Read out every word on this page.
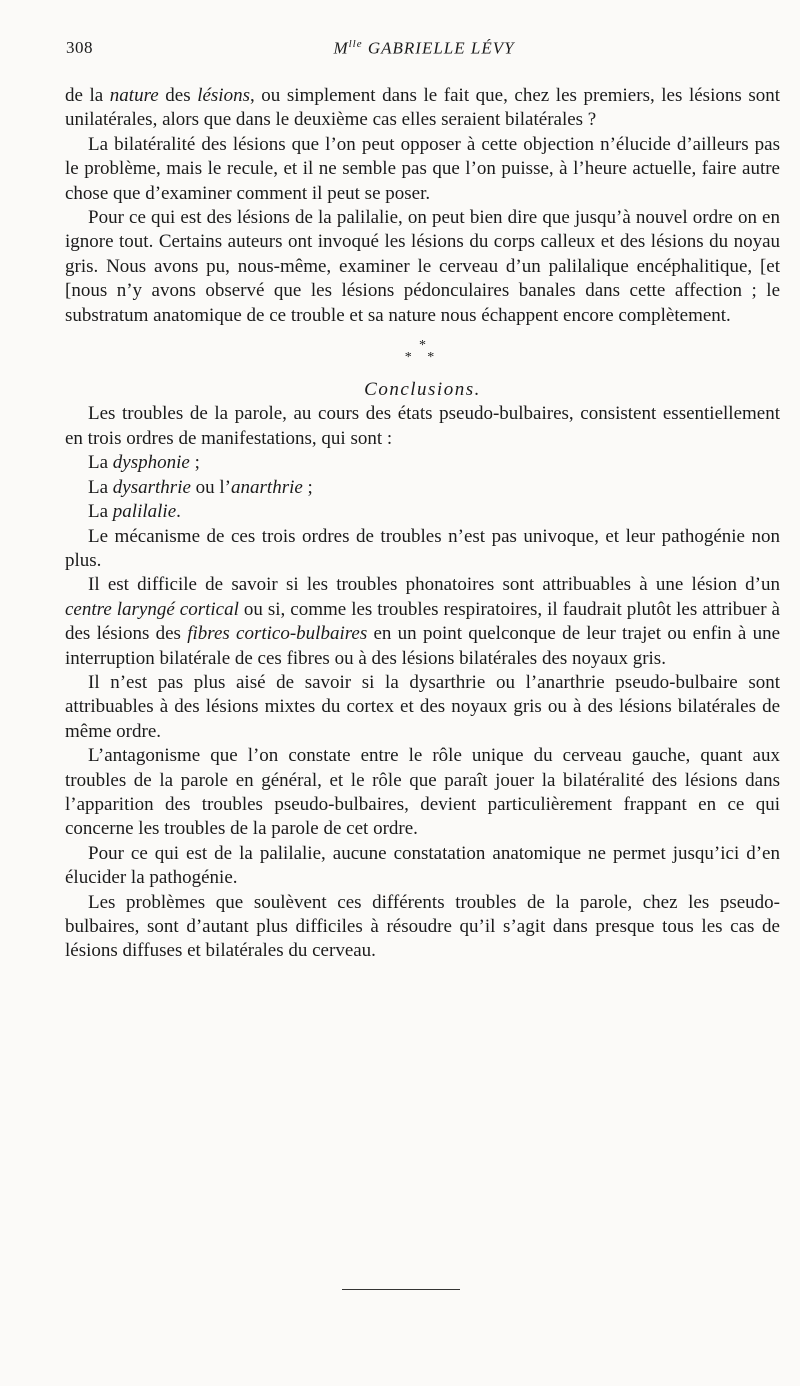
308	$M^{lle}$ GABRIELLE LÉVY

de la nature des lésions, ou simplement dans le fait que, chez les premiers, les lésions sont unilatérales, alors que dans le deuxième cas elles seraient bilatérales ?

La bilatéralité des lésions que l’on peut opposer à cette objection n’élucide d’ailleurs pas le problème, mais le recule, et il ne semble pas que l’on puisse, à l’heure actuelle, faire autre chose que d’examiner comment il peut se poser.

Pour ce qui est des lésions de la palilalie, on peut bien dire que jusqu’à nouvel ordre on en ignore tout. Certains auteurs ont invoqué les lésions du corps calleux et des lésions du noyau gris. Nous avons pu, nous-même, examiner le cerveau d’un palilalique encéphalitique, [et [nous n’y avons observé que les lésions pédonculaires banales dans cette affection ; le substratum anatomique de ce trouble et sa nature nous échappent encore complètement.

*
* *

Conclusions.

Les troubles de la parole, au cours des états pseudo-bulbaires, consistent essentiellement en trois ordres de manifestations, qui sont :

La dysphonie ;

La dysarthrie ou l’anarthrie ;

La palilalie.

Le mécanisme de ces trois ordres de troubles n’est pas univoque, et leur pathogénie non plus.

Il est difficile de savoir si les troubles phonatoires sont attribuables à une lésion d’un centre laryngé cortical ou si, comme les troubles respiratoires, il faudrait plutôt les attribuer à des lésions des fibres cortico-bulbaires en un point quelconque de leur trajet ou enfin à une interruption bilatérale de ces fibres ou à des lésions bilatérales des noyaux gris.

Il n’est pas plus aisé de savoir si la dysarthrie ou l’anarthrie pseudo-bulbaire sont attribuables à des lésions mixtes du cortex et des noyaux gris ou à des lésions bilatérales de même ordre.

L’antagonisme que l’on constate entre le rôle unique du cerveau gauche, quant aux troubles de la parole en général, et le rôle que paraît jouer la bilatéralité des lésions dans l’apparition des troubles pseudo-bulbaires, devient particulièrement frappant en ce qui concerne les troubles de la parole de cet ordre.

Pour ce qui est de la palilalie, aucune constatation anatomique ne permet jusqu’ici d’en élucider la pathogénie.

Les problèmes que soulèvent ces différents troubles de la parole, chez les pseudo-bulbaires, sont d’autant plus difficiles à résoudre qu’il s’agit dans presque tous les cas de lésions diffuses et bilatérales du cerveau.
